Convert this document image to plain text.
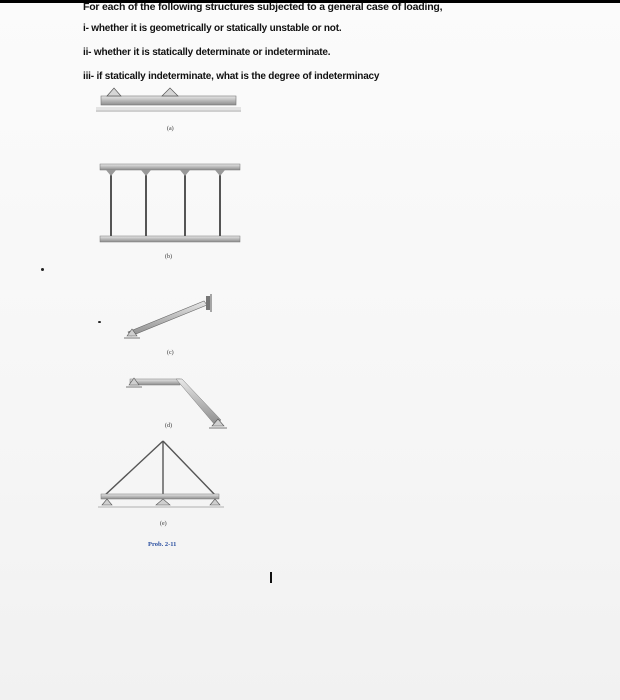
For each of the following structures subjected to a general case of loading,
i- whether it is geometrically or statically unstable or not.
ii- whether it is statically determinate or indeterminate.
iii- if statically indeterminate, what is the degree of indeterminacy
(a)
(b)
(c)
(d)
(e)
Prob. 2-11
